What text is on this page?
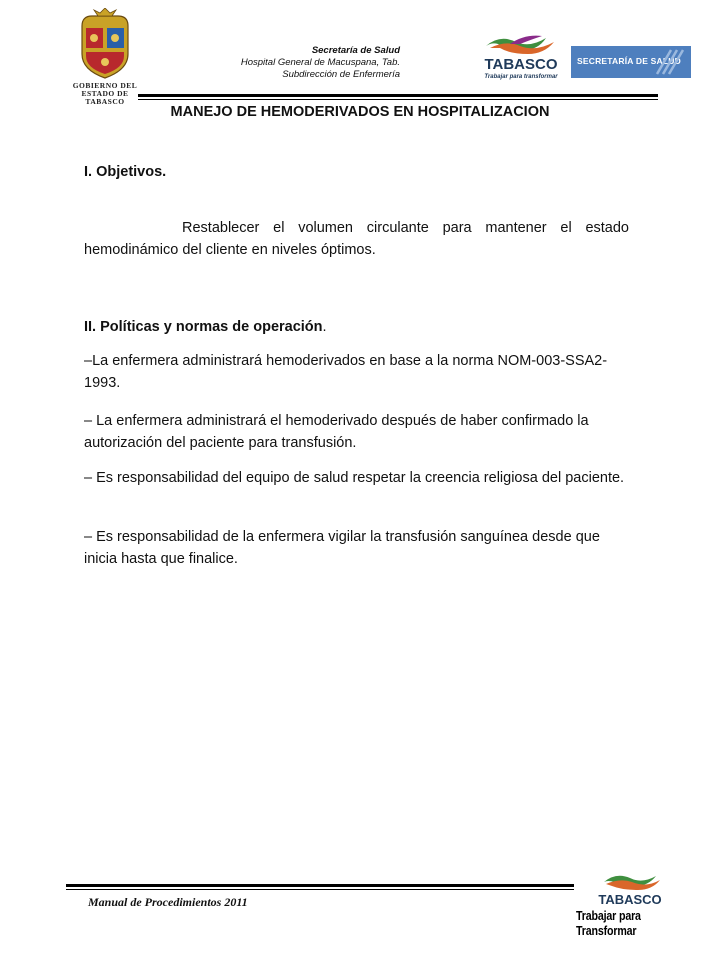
GOBIERNO DEL
ESTADO DE
TABASCO
Secretaría de Salud
Hospital General de Macuspana, Tab.
Subdirección de Enfermería
TABASCO
Trabajar para transformar
SECRETARÍA DE SALUD
MANEJO DE HEMODERIVADOS EN HOSPITALIZACION
I. Objetivos.
Restablecer el volumen circulante para mantener el estado hemodinámico del cliente en niveles óptimos.
II. Políticas y normas de operación.
–La enfermera administrará hemoderivados en base a la norma NOM-003-SSA2-1993.
– La enfermera administrará el hemoderivado después de haber confirmado la autorización del paciente para transfusión.
– Es responsabilidad del equipo de salud respetar la creencia religiosa del paciente.
– Es responsabilidad de la enfermera vigilar la transfusión sanguínea desde que inicia hasta que finalice.
Manual de Procedimientos 2011	TABASCO
Trabajar para Transformar
